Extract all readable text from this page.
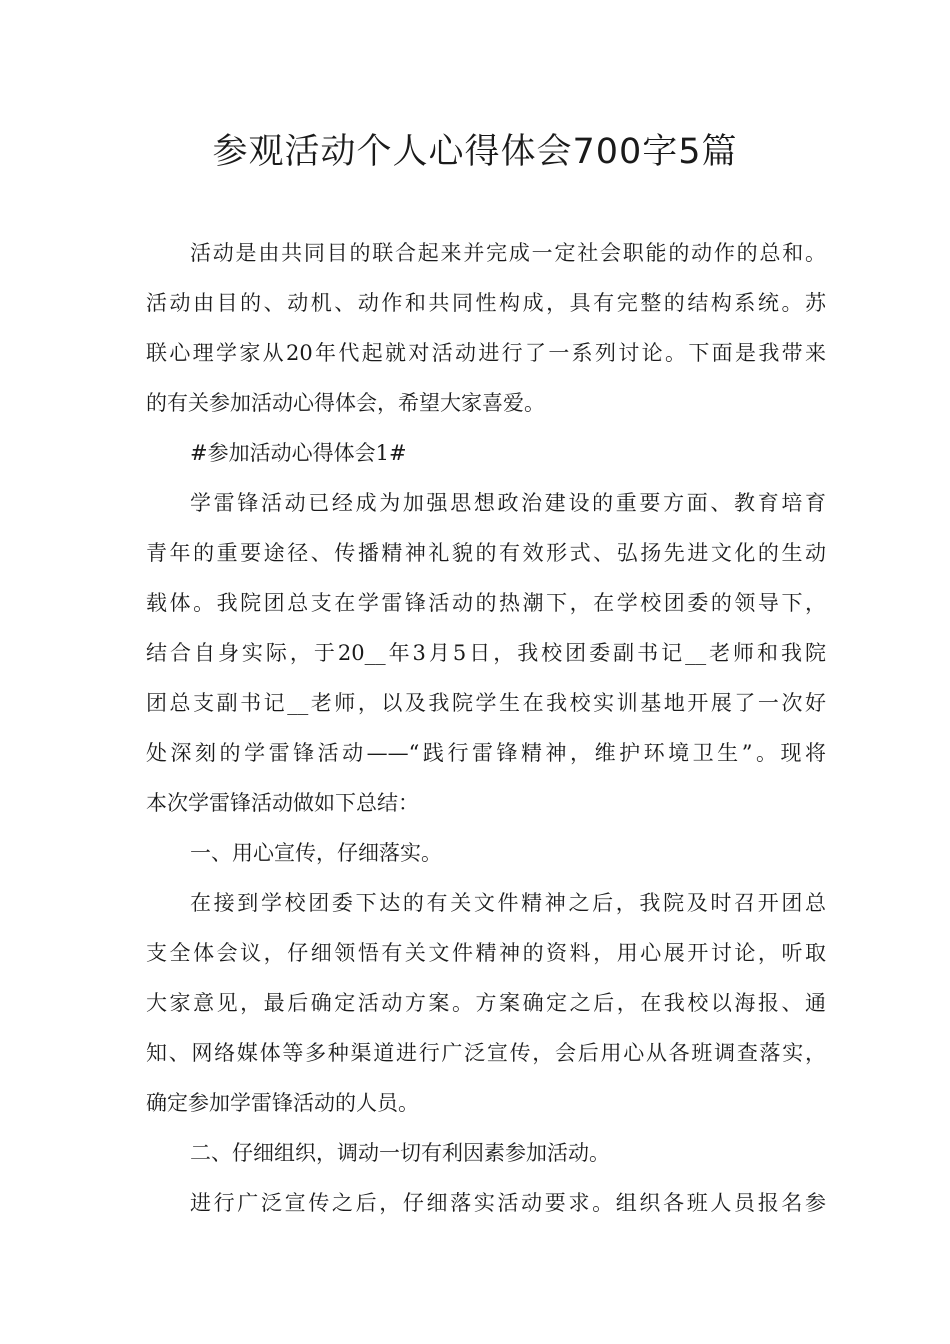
参观活动个人心得体会700字5篇
活动是由共同目的联合起来并完成一定社会职能的动作的总和。
活动由目的、动机、动作和共同性构成，具有完整的结构系统。苏
联心理学家从20年代起就对活动进行了一系列讨论。下面是我带来
的有关参加活动心得体会，希望大家喜爱。
#参加活动心得体会1#
学雷锋活动已经成为加强思想政治建设的重要方面、教育培育
青年的重要途径、传播精神礼貌的有效形式、弘扬先进文化的生动
载体。我院团总支在学雷锋活动的热潮下，在学校团委的领导下，
结合自身实际，于20__年3月5日，我校团委副书记__老师和我院
团总支副书记__老师，以及我院学生在我校实训基地开展了一次好
处深刻的学雷锋活动——“践行雷锋精神，维护环境卫生”。现将
本次学雷锋活动做如下总结：
一、用心宣传，仔细落实。
在接到学校团委下达的有关文件精神之后，我院及时召开团总
支全体会议，仔细领悟有关文件精神的资料，用心展开讨论，听取
大家意见，最后确定活动方案。方案确定之后，在我校以海报、通
知、网络媒体等多种渠道进行广泛宣传，会后用心从各班调查落实，
确定参加学雷锋活动的人员。
二、仔细组织，调动一切有利因素参加活动。
进行广泛宣传之后，仔细落实活动要求。组织各班人员报名参
